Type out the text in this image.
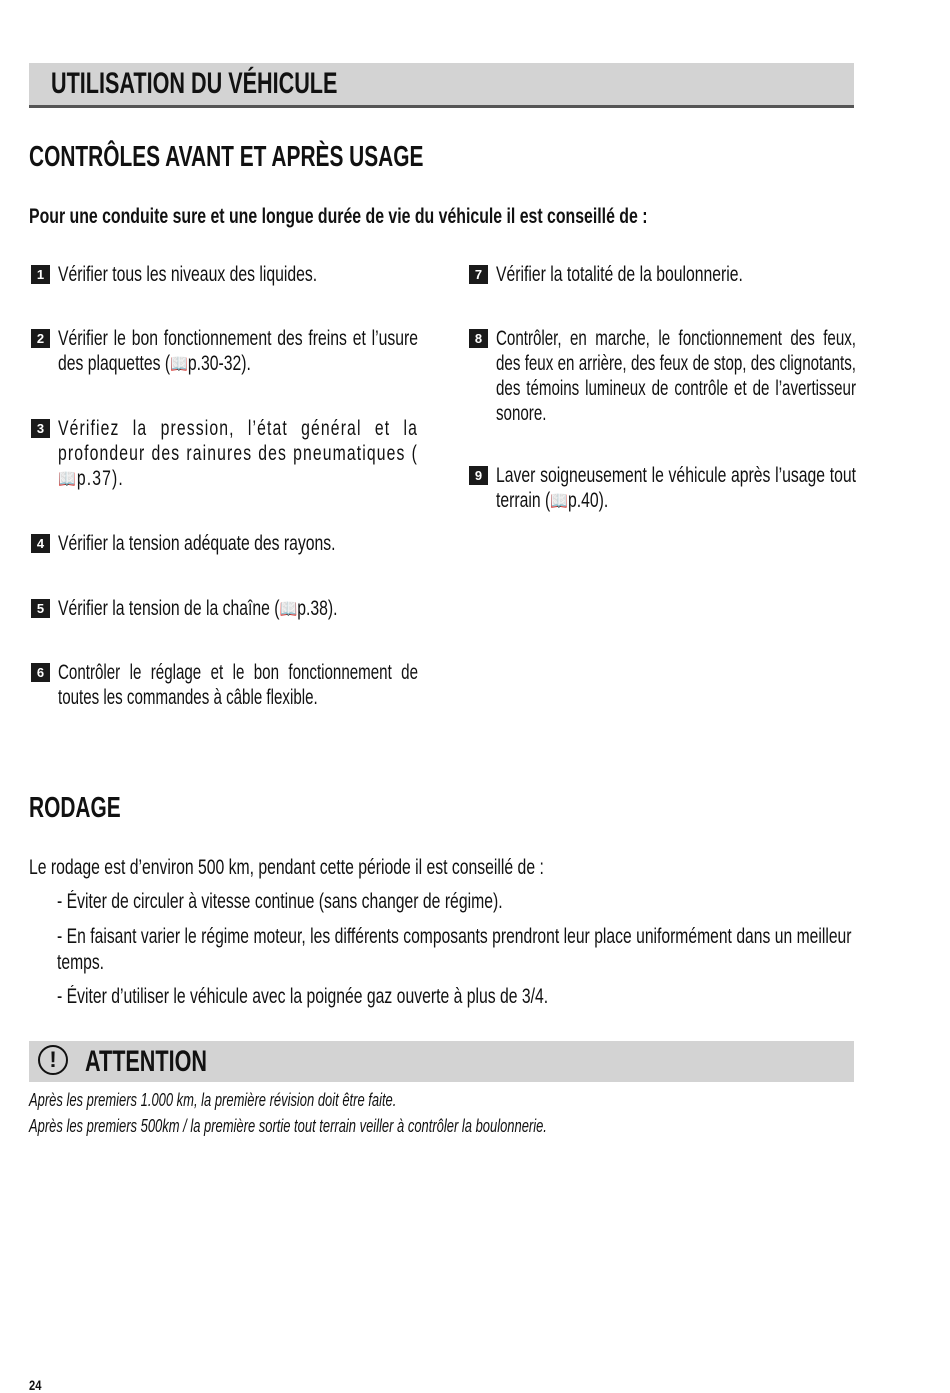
UTILISATION DU VÉHICULE
CONTRÔLES AVANT ET APRÈS USAGE
Pour une conduite sure et une longue durée de vie du véhicule il est conseillé de :
1 Vérifier tous les niveaux des liquides.
2 Vérifier le bon fonctionnement des freins et l’usure des plaquettes (📖p.30-32).
3 Vérifiez la pression, l’état général et la profondeur des rainures des pneumatiques (📖p.37).
4 Vérifier la tension adéquate des rayons.
5 Vérifier la tension de la chaîne (📖p.38).
6 Contrôler le réglage et le bon fonctionnement de toutes les commandes à câble flexible.
7 Vérifier la totalité de la boulonnerie.
8 Contrôler, en marche, le fonctionnement des feux, des feux en arrière, des feux de stop, des clignotants, des témoins lumineux de contrôle et de l’avertisseur sonore.
9 Laver soigneusement le véhicule après l’usage tout terrain (📖p.40).
RODAGE
Le rodage est d’environ 500 km, pendant cette période il est conseillé de :
- Éviter de circuler à vitesse continue (sans changer de régime).
- En faisant varier le régime moteur, les différents composants prendront leur place uniformément dans un meilleur temps.
- Éviter d’utiliser le véhicule avec la poignée gaz ouverte à plus de 3/4.
! ATTENTION
Après les premiers 1.000 km, la première révision doit être faite.
Après les premiers 500km / la première sortie tout terrain veiller à contrôler la boulonnerie.
24
